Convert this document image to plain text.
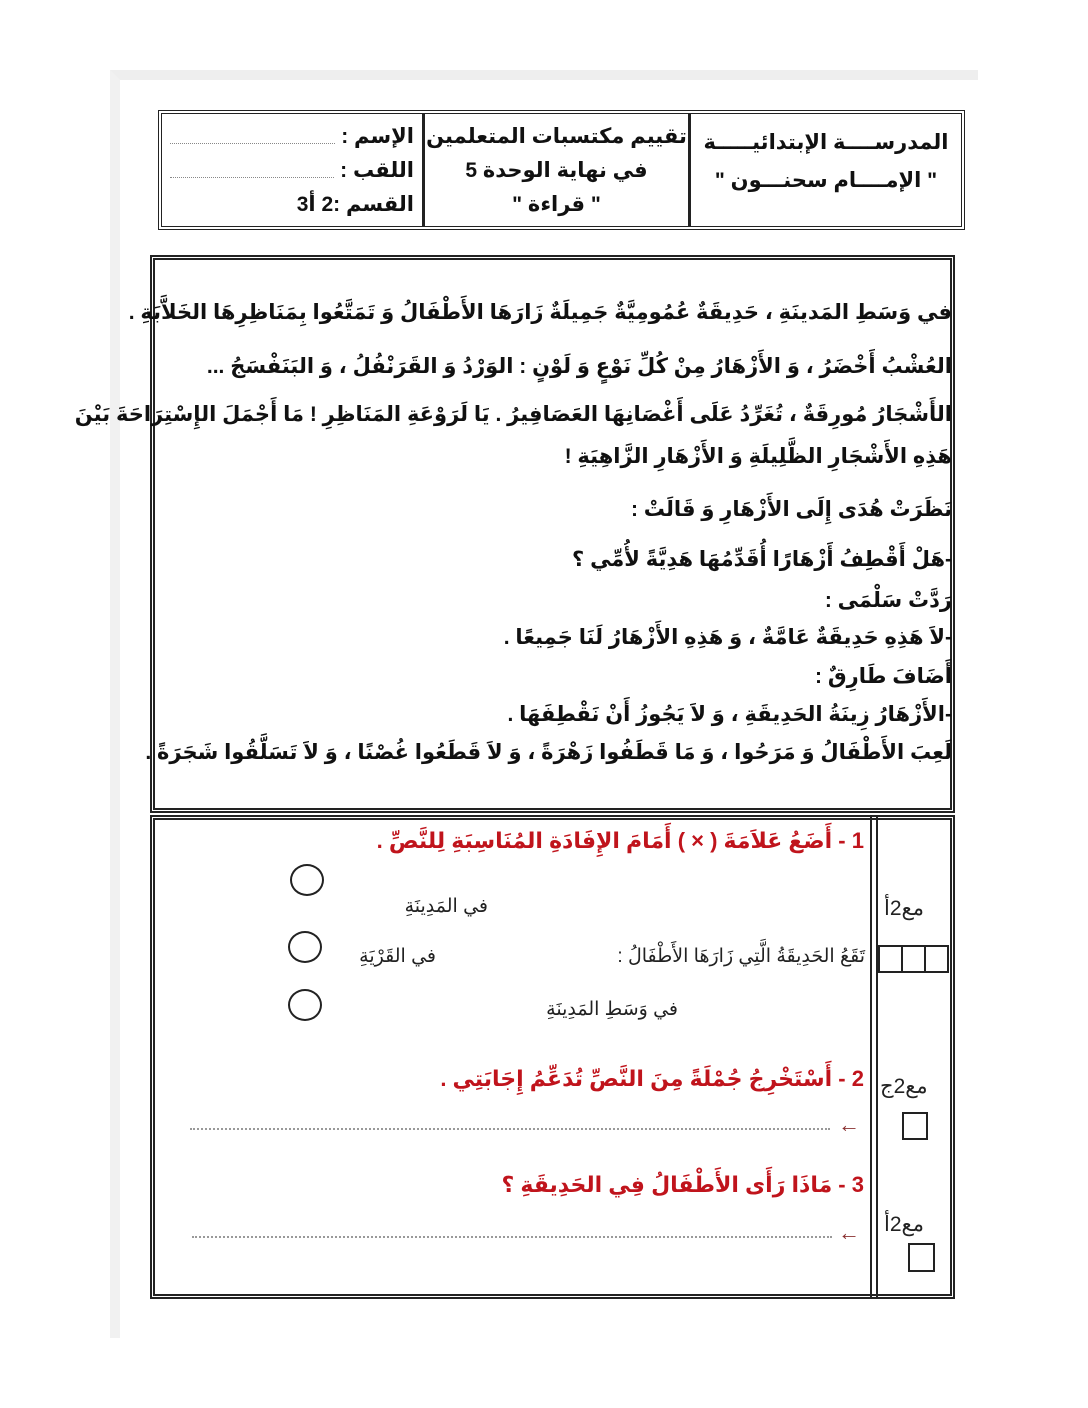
المدرســــة الإبتدائيـــــة
" الإمــــام سحنـــون "
تقييم مكتسبات المتعلمين
في نهاية الوحدة 5
" قراءة "
الإسم :
اللقب :
القسم :2 أ3
في وَسَطِ المَدينَةِ ، حَدِيقَةٌ عُمُومِيَّةٌ جَمِيلَةٌ زَارَهَا الأَطْفَالُ وَ تَمَتَّعُوا بِمَنَاظِرِهَا الخَلاَّبَةِ .
العُشْبُ أَخْضَرُ ، وَ الأَزْهَارُ مِنْ كُلِّ نَوْعٍ وَ لَوْنٍ : الوَرْدُ وَ القَرَنْفُلُ ، وَ البَنَفْسَجُ ...
الأَشْجَارُ مُورِقَةٌ ، تُغَرِّدُ عَلَى أَغْصَانِهَا العَصَافِيرُ . يَا لَرَوْعَةِ المَنَاظِرِ ! مَا أَجْمَلَ الإِسْتِرَاحَةَ بَيْنَ
هَذِهِ الأَشْجَارِ الظَّلِيلَةِ وَ الأَزْهَارِ الزَّاهِيَةِ !
نَظَرَتْ هُدَى إِلَى الأَزْهَارِ وَ قَالَتْ :
-هَلْ أَقْطِفُ أَزْهَارًا أُقَدِّمُهَا هَدِيَّةً لأُمِّي ؟
رَدَّتْ سَلْمَى :
-لاَ هَذِهِ حَدِيقَةٌ عَامَّةٌ ، وَ هَذِهِ الأَزْهَارُ لَنَا جَمِيعًا .
أَضَافَ طَارِقٌ :
-الأَزْهَارُ زِينَةُ الحَدِيقَةِ ، وَ لاَ يَجُوزُ أَنْ نَقْطِفَهَا .
لَعِبَ الأَطْفَالُ وَ مَرَحُوا ، وَ مَا قَطَفُوا زَهْرَةً ، وَ لاَ قَطَعُوا غُصْنًا ، وَ لاَ تَسَلَّقُوا شَجَرَةً .
1 - أَضَعُ عَلاَمَةَ ( × ) أَمَامَ الإِفَادَةِ المُنَاسِبَةِ لِلنَّصِّ .
في المَدِينَةِ
في القَرْيَةِ	تَقَعُ الحَدِيقَةُ الَّتِي زَارَهَا الأَطْفَالُ :
في وَسَطِ المَدِينَةِ
مع2أ
2 - أَسْتَخْرِجُ جُمْلَةً مِنَ النَّصِّ تُدَعِّمُ إِجَابَتِي .
←
مع2ج
3 - مَاذَا رَأَى الأَطْفَالُ فِي الحَدِيقَةِ ؟
← مع2أ
